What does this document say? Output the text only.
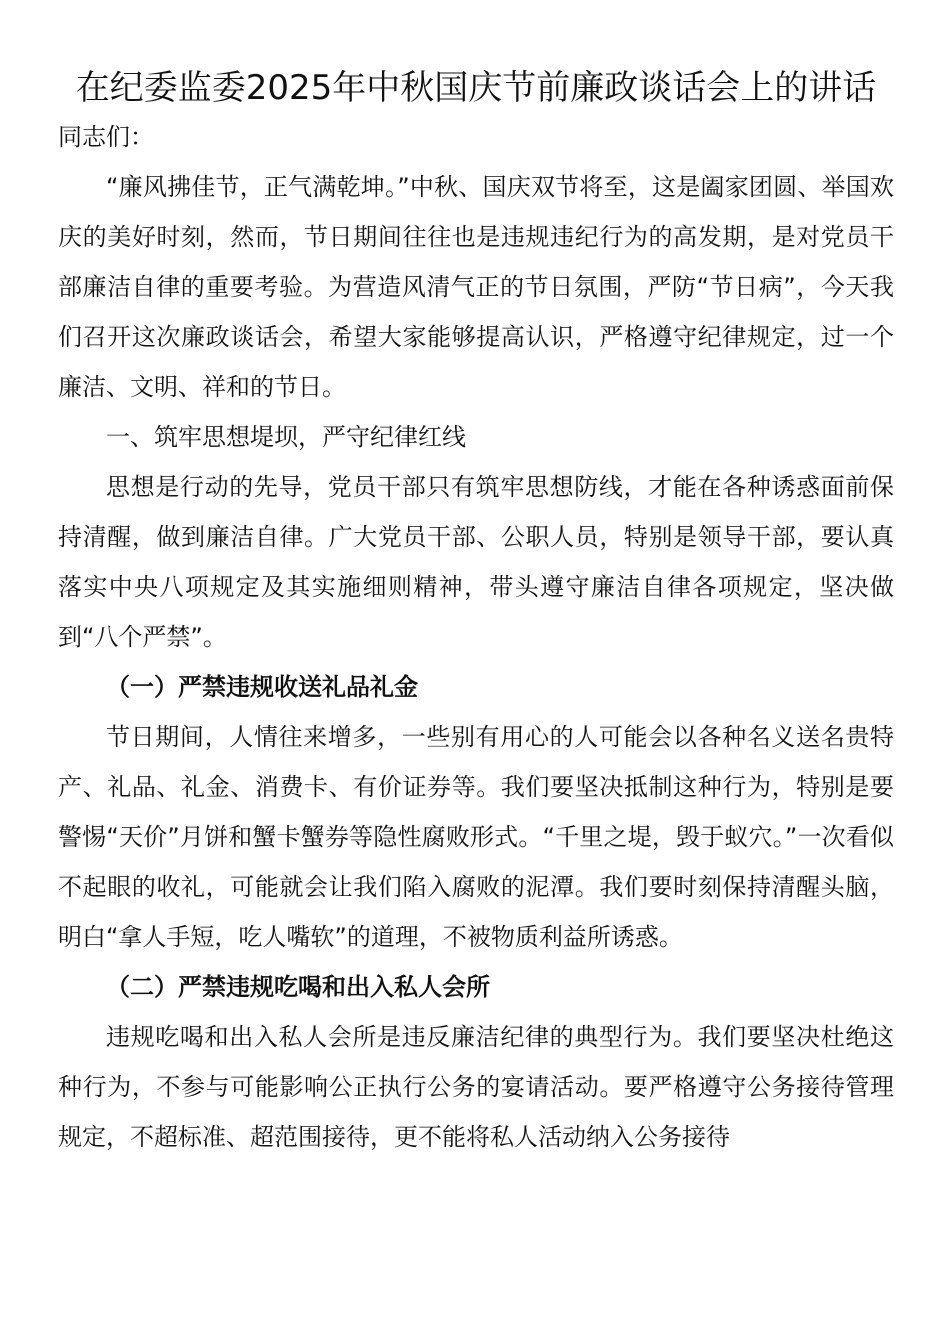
在纪委监委2025年中秋国庆节前廉政谈话会上的讲话

同志们：

“廉风拂佳节，正气满乾坤。”中秋、国庆双节将至，这是阖家团圆、举国欢庆的美好时刻，然而，节日期间往往也是违规违纪行为的高发期，是对党员干部廉洁自律的重要考验。为营造风清气正的节日氛围，严防“节日病”，今天我们召开这次廉政谈话会，希望大家能够提高认识，严格遵守纪律规定，过一个廉洁、文明、祥和的节日。

一、筑牢思想堤坝，严守纪律红线

思想是行动的先导，党员干部只有筑牢思想防线，才能在各种诱惑面前保持清醒，做到廉洁自律。广大党员干部、公职人员，特别是领导干部，要认真落实中央八项规定及其实施细则精神，带头遵守廉洁自律各项规定，坚决做到“八个严禁”。

（一）严禁违规收送礼品礼金

节日期间，人情往来增多，一些别有用心的人可能会以各种名义送名贵特产、礼品、礼金、消费卡、有价证券等。我们要坚决抵制这种行为，特别是要警惕“天价”月饼和蟹卡蟹券等隐性腐败形式。“千里之堤，毁于蚁穴。”一次看似不起眼的收礼，可能就会让我们陷入腐败的泥潭。我们要时刻保持清醒头脑，明白“拿人手短，吃人嘴软”的道理，不被物质利益所诱惑。

（二）严禁违规吃喝和出入私人会所

违规吃喝和出入私人会所是违反廉洁纪律的典型行为。我们要坚决杜绝这种行为，不参与可能影响公正执行公务的宴请活动。要严格遵守公务接待管理规定，不超标准、超范围接待，更不能将私人活动纳入公务接待
